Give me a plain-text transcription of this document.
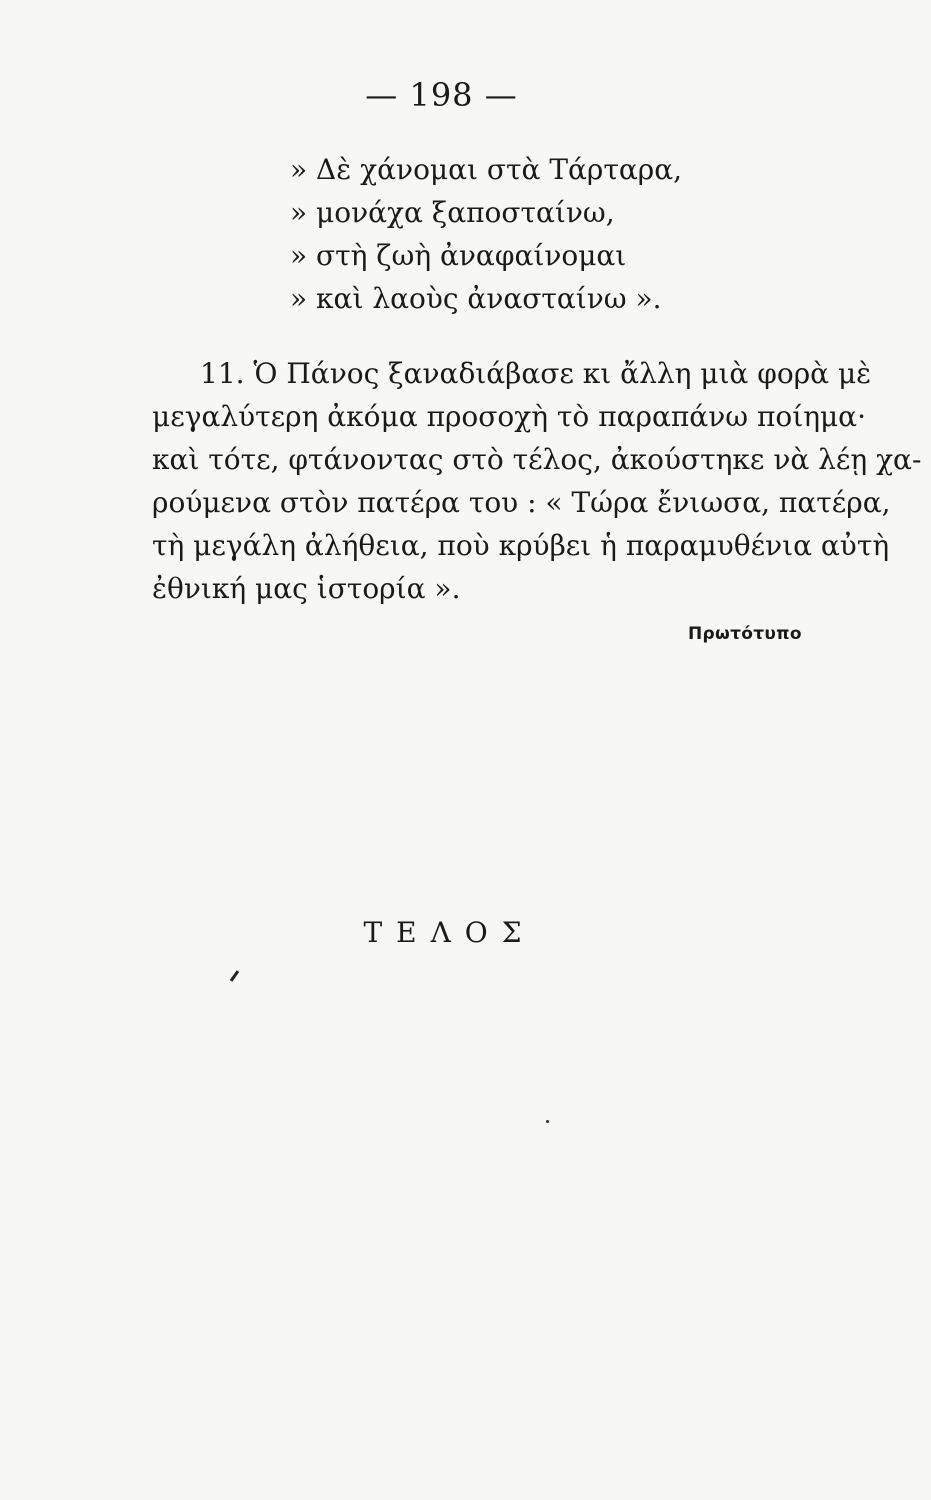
— 198 —
» Δὲ χάνομαι στὰ Τάρταρα,
» μονάχα ξαποσταίνω,
» στὴ ζωὴ ἀναφαίνομαι
» καὶ λαοὺς ἀνασταίνω ».
11. Ὁ Πάνος ξαναδιάβασε κι ἄλλη μιὰ φορὰ μὲ
μεγαλύτερη ἀκόμα προσοχὴ τὸ παραπάνω ποίημα·
καὶ τότε, φτάνοντας στὸ τέλος, ἀκούστηκε νὰ λέῃ χα-
ρούμενα στὸν πατέρα του : « Τώρα ἔνιωσα, πατέρα,
τὴ μεγάλη ἀλήθεια, ποὺ κρύβει ἡ παραμυθένια αὐτὴ
ἐθνική μας ἱστορία ».
Πρωτότυπο
ΤΕΛΟΣ
